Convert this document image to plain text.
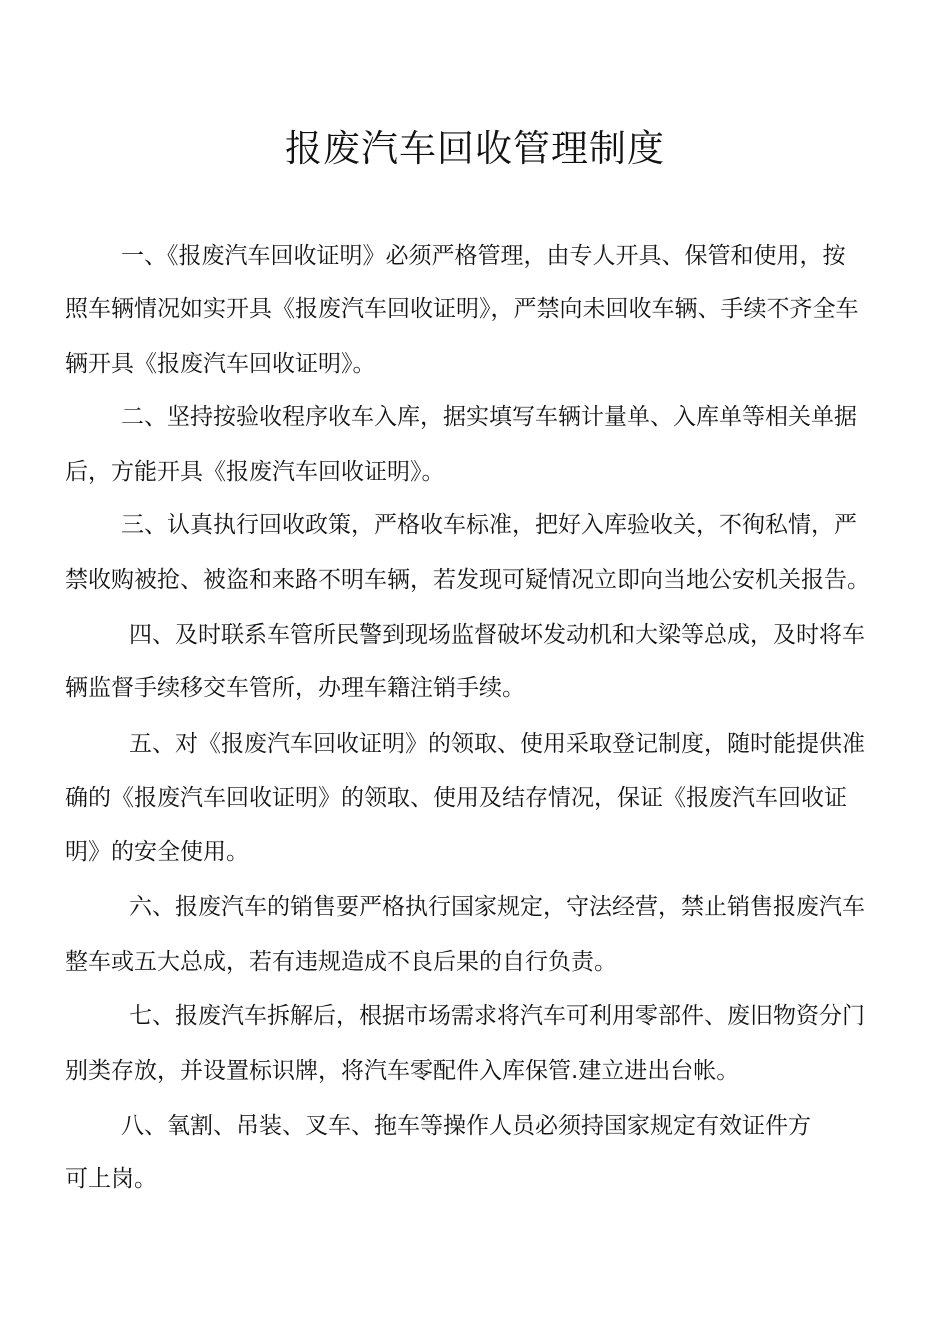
报废汽车回收管理制度
一、《报废汽车回收证明》必须严格管理，由专人开具、保管和使用，按
照车辆情况如实开具《报废汽车回收证明》，严禁向未回收车辆、手续不齐全车
辆开具《报废汽车回收证明》。
二、坚持按验收程序收车入库，据实填写车辆计量单、入库单等相关单据
后，方能开具《报废汽车回收证明》。
三、认真执行回收政策，严格收车标准，把好入库验收关，不徇私情，严
禁收购被抢、被盗和来路不明车辆，若发现可疑情况立即向当地公安机关报告。
四、及时联系车管所民警到现场监督破坏发动机和大梁等总成，及时将车
辆监督手续移交车管所，办理车籍注销手续。
五、对《报废汽车回收证明》的领取、使用采取登记制度，随时能提供准
确的《报废汽车回收证明》的领取、使用及结存情况，保证《报废汽车回收证
明》的安全使用。
六、报废汽车的销售要严格执行国家规定，守法经营，禁止销售报废汽车
整车或五大总成，若有违规造成不良后果的自行负责。
七、报废汽车拆解后，根据市场需求将汽车可利用零部件、废旧物资分门
别类存放，并设置标识牌，将汽车零配件入库保管.建立进出台帐。
八、氧割、吊装、叉车、拖车等操作人员必须持国家规定有效证件方
可上岗。
